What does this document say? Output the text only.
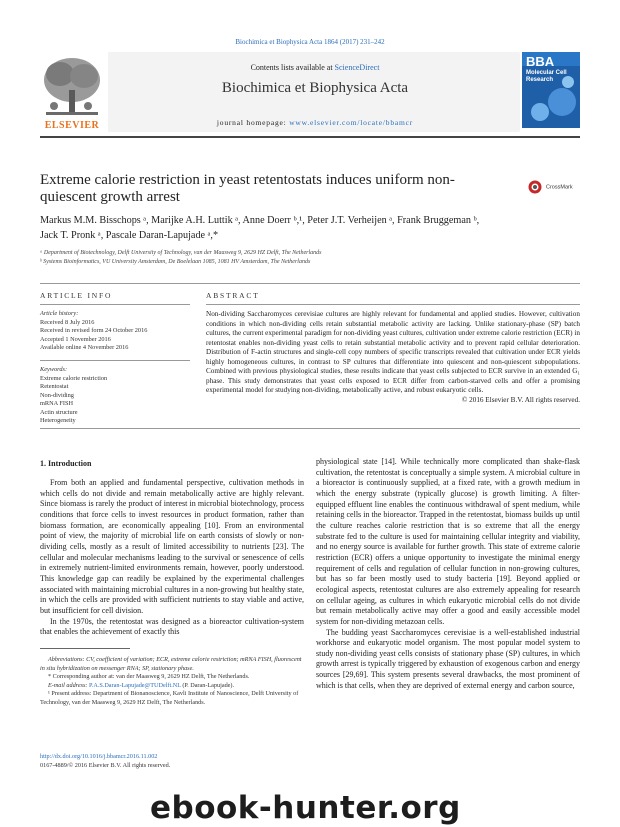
Biochimica et Biophysica Acta 1864 (2017) 231–242
ELSEVIER
Contents lists available at ScienceDirect
Biochimica et Biophysica Acta
journal homepage: www.elsevier.com/locate/bbamcr
BBA
Molecular Cell
Research
Extreme calorie restriction in yeast retentostats induces uniform non-quiescent growth arrest
CrossMark
Markus M.M. Bisschops ᵃ, Marijke A.H. Luttik ᵃ, Anne Doerr ᵇ,¹, Peter J.T. Verheijen ᵃ, Frank Bruggeman ᵇ,
Jack T. Pronk ᵃ, Pascale Daran-Lapujade ᵃ,*
ᵃ Department of Biotechnology, Delft University of Technology, van der Maasweg 9, 2629 HZ Delft, The Netherlands
ᵇ Systems Bioinformatics, VU University Amsterdam, De Boelelaan 1085, 1081 HV Amsterdam, The Netherlands
ARTICLE INFO	ABSTRACT
Article history:
Received 8 July 2016
Received in revised form 24 October 2016
Accepted 1 November 2016
Available online 4 November 2016
Keywords:
Extreme calorie restriction
Retentostat
Non-dividing
mRNA FISH
Actin structure
Heterogeneity
Non-dividing Saccharomyces cerevisiae cultures are highly relevant for fundamental and applied studies. However, cultivation conditions in which non-dividing cells retain substantial metabolic activity are lacking. Unlike stationary-phase (SP) batch cultures, the current experimental paradigm for non-dividing yeast cultures, cultivation under extreme calorie restriction (ECR) in retentostat enables non-dividing yeast cells to retain substantial metabolic activity and to prevent rapid cellular deterioration. Distribution of F-actin structures and single-cell copy numbers of specific transcripts revealed that cultivation under ECR yields highly homogeneous cultures, in contrast to SP cultures that differentiate into quiescent and non-quiescent subpopulations. Combined with previous physiological studies, these results indicate that yeast cells subjected to ECR survive in an extended G₁ phase. This study demonstrates that yeast cells exposed to ECR differ from carbon-starved cells and offer a promising experimental model for studying non-dividing, metabolically active, and robust eukaryotic cells.
© 2016 Elsevier B.V. All rights reserved.
1. Introduction

From both an applied and fundamental perspective, cultivation methods in which cells do not divide and remain metabolically active are highly relevant. Since biomass is rarely the product of interest in microbial biotechnology, process conditions that force cells to invest resources in product formation, rather than biomass formation, are economically appealing [10]. From an environmental point of view, the majority of microbial life on earth consists of slowly or non-dividing cells, mostly as a result of limited accessibility to nutrients [23]. The cellular and molecular mechanisms leading to the survival or senescence of cells in extremely nutrient-limited environments remain, however, poorly understood. This knowledge gap can readily be explained by the experimental challenges associated with maintaining microbial cultures in a non-growing but healthy state, in which the cells are provided with sufficient nutrients to stay viable and active, but insufficient for cell division.

In the 1970s, the retentostat was designed as a bioreactor cultivation-system that enables the achievement of exactly this

physiological state [14]. While technically more complicated than shake-flask cultivation, the retentostat is conceptually a simple system. A microbial culture in a bioreactor is continuously supplied, at a fixed rate, with a growth medium in which the energy substrate (typically glucose) is growth limiting. A filter-equipped effluent line enables the continuous withdrawal of spent medium, while retaining cells in the bioreactor. Trapped in the retentostat, biomass builds up until the culture reaches calorie restriction that is so extreme that all the energy substrate fed to the culture is used for maintaining cellular integrity and viability, and no energy source is available for further growth. This state of extreme calorie restriction (ECR) offers a unique opportunity to investigate the minimal energy requirement of cells and regulation of cellular function in non-growing cultures, but has so far been mostly used to study bacteria [19]. Beyond applied or ecological aspects, retentostat cultures are also extremely appealing for research on cellular ageing, as cultures in which eukaryotic microbial cells do not divide but remain metabolically active may offer a good and easily accessible model system for non-dividing metazoan cells.

The budding yeast Saccharomyces cerevisiae is a well-established industrial workhorse and eukaryotic model organism. The most popular model system to study non-dividing yeast cells consists of stationary phase (SP) cultures, in which growth arrest is typically triggered by exhaustion of exogenous carbon and energy sources [29,69]. This system presents several drawbacks, the most prominent of which is that cells, when they are deprived of external energy and carbon source,

Abbreviations: CV, coefficient of variation; ECR, extreme calorie restriction; mRNA FISH, fluorescent in situ hybridization on messenger RNA; SP, stationary phase.
* Corresponding author at: van der Maasweg 9, 2629 HZ Delft, The Netherlands.
E-mail address: P.A.S.Daran-Lapujade@TUDelft.NL (P. Daran-Lapujade).
¹ Present address: Department of Bionanoscience, Kavli Institute of Nanoscience, Delft University of Technology, van der Maasweg 9, 2629 HZ Delft, The Netherlands.
http://dx.doi.org/10.1016/j.bbamcr.2016.11.002
0167-4889/© 2016 Elsevier B.V. All rights reserved.
ebook-hunter.org
